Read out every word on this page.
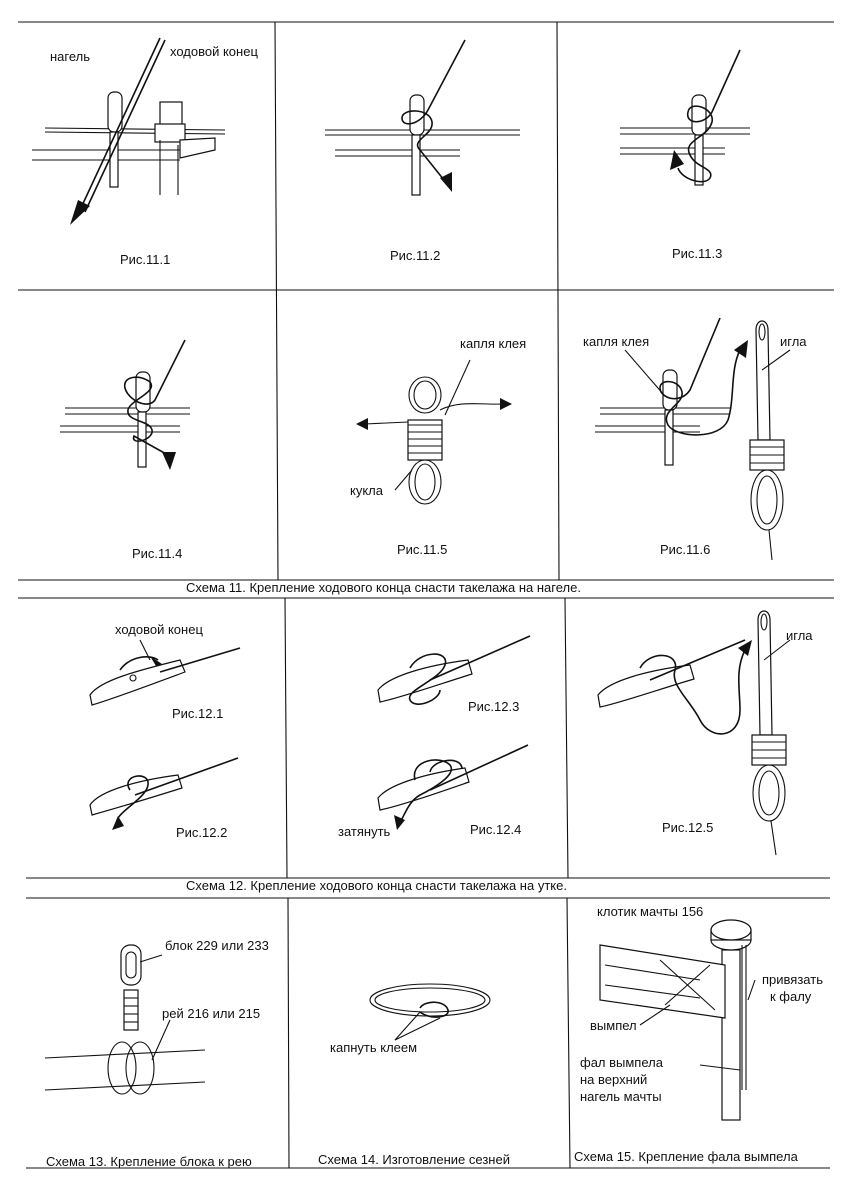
нагель	ходовой конец
Рис.11.1	Рис.11.2	Рис.11.3
Рис.11.4
капля клея
кукла
Рис.11.5
капля клея	игла
Рис.11.6
Схема 11. Крепление ходового конца снасти такелажа на нагеле.
ходовой конец
Рис.12.1
Рис.12.2
Рис.12.3
затянуть	Рис.12.4
игла
Рис.12.5
Схема 12. Крепление ходового конца снасти такелажа на утке.
блок 229 или 233
рей 216 или 215
капнуть клеем
клотик мачты 156
привязать
к фалу
вымпел
фал вымпела
на верхний
нагель мачты
Схема 13. Крепление блока к рею	Схема 14. Изготовление сезней	Схема 15. Крепление фала вымпела
